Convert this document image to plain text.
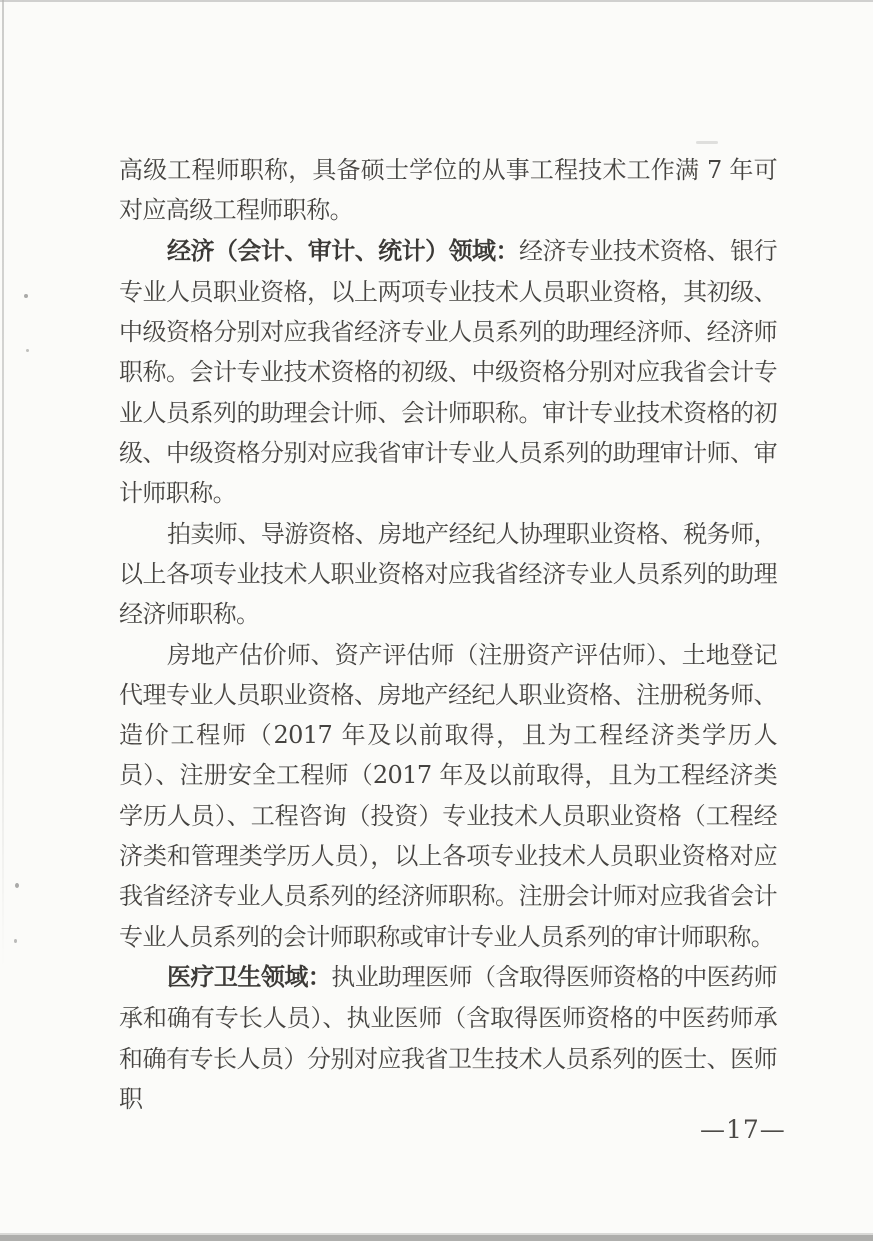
高级工程师职称，具备硕士学位的从事工程技术工作满 7 年可对应高级工程师职称。

经济（会计、审计、统计）领域：经济专业技术资格、银行专业人员职业资格，以上两项专业技术人员职业资格，其初级、中级资格分别对应我省经济专业人员系列的助理经济师、经济师职称。会计专业技术资格的初级、中级资格分别对应我省会计专业人员系列的助理会计师、会计师职称。审计专业技术资格的初级、中级资格分别对应我省审计专业人员系列的助理审计师、审计师职称。

拍卖师、导游资格、房地产经纪人协理职业资格、税务师，以上各项专业技术人职业资格对应我省经济专业人员系列的助理经济师职称。

房地产估价师、资产评估师（注册资产评估师）、土地登记代理专业人员职业资格、房地产经纪人职业资格、注册税务师、造价工程师（2017 年及以前取得，且为工程经济类学历人员）、注册安全工程师（2017 年及以前取得，且为工程经济类学历人员）、工程咨询（投资）专业技术人员职业资格（工程经济类和管理类学历人员），以上各项专业技术人员职业资格对应我省经济专业人员系列的经济师职称。注册会计师对应我省会计专业人员系列的会计师职称或审计专业人员系列的审计师职称。

医疗卫生领域：执业助理医师（含取得医师资格的中医药师承和确有专长人员）、执业医师（含取得医师资格的中医药师承和确有专长人员）分别对应我省卫生技术人员系列的医士、医师职

—17—
